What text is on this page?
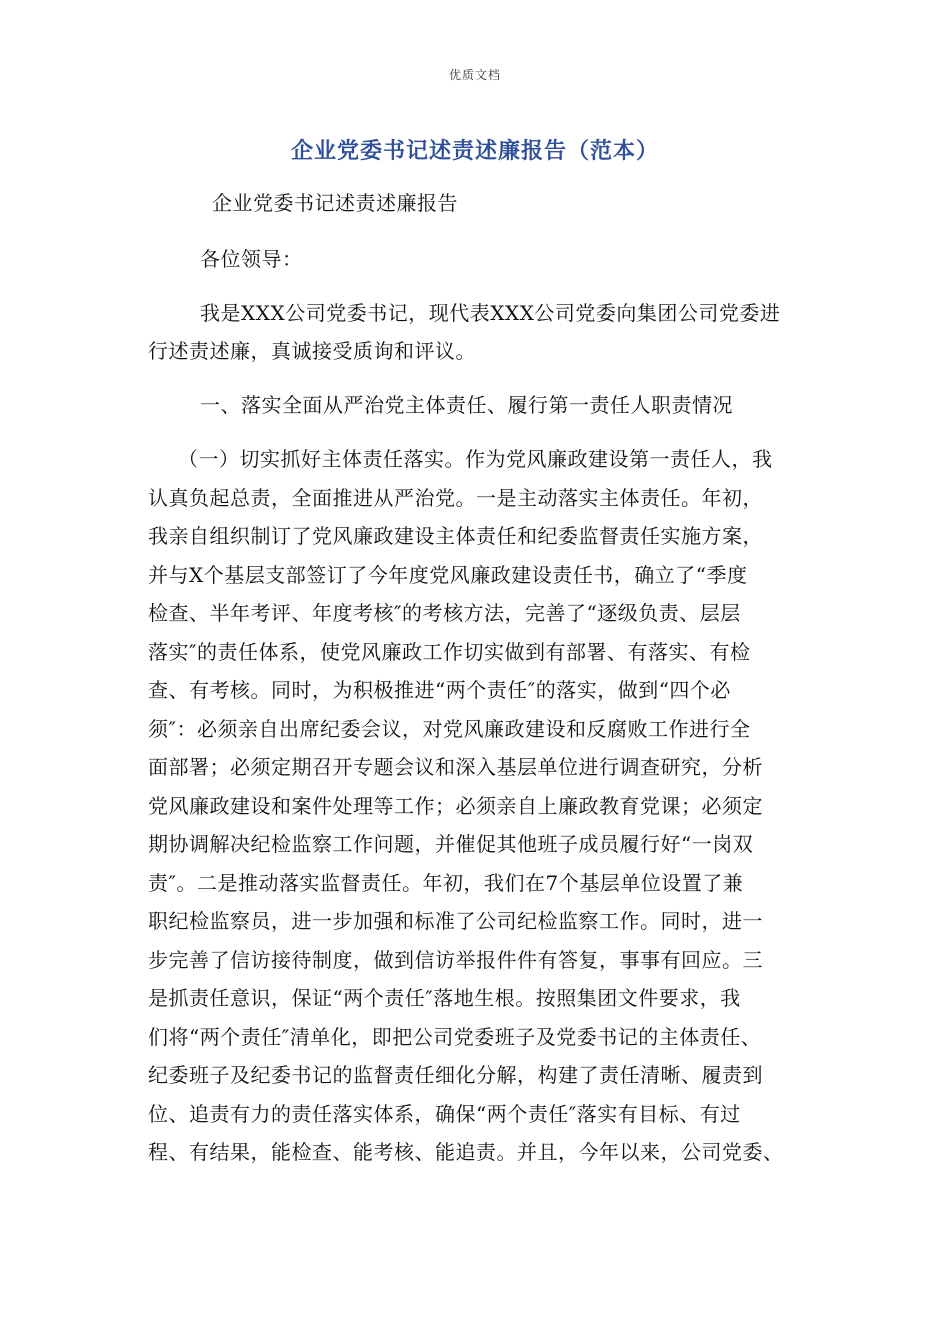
优质文档
企业党委书记述责述廉报告（范本）
企业党委书记述责述廉报告
各位领导：
我是XXX公司党委书记，现代表XXX公司党委向集团公司党委进
行述责述廉，真诚接受质询和评议。
一、落实全面从严治党主体责任、履行第一责任人职责情况
（一）切实抓好主体责任落实。作为党风廉政建设第一责任人，我
认真负起总责，全面推进从严治党。一是主动落实主体责任。年初，
我亲自组织制订了党风廉政建设主体责任和纪委监督责任实施方案，
并与X个基层支部签订了今年度党风廉政建设责任书，确立了“季度
检查、半年考评、年度考核″的考核方法，完善了“逐级负责、层层
落实″的责任体系，使党风廉政工作切实做到有部署、有落实、有检
查、有考核。同时，为积极推进“两个责任″的落实，做到“四个必
须″：必须亲自出席纪委会议，对党风廉政建设和反腐败工作进行全
面部署；必须定期召开专题会议和深入基层单位进行调查研究，分析
党风廉政建设和案件处理等工作；必须亲自上廉政教育党课；必须定
期协调解决纪检监察工作问题，并催促其他班子成员履行好“一岗双
责″。二是推动落实监督责任。年初，我们在7个基层单位设置了兼
职纪检监察员，进一步加强和标准了公司纪检监察工作。同时，进一
步完善了信访接待制度，做到信访举报件件有答复，事事有回应。三
是抓责任意识，保证“两个责任″落地生根。按照集团文件要求，我
们将“两个责任″清单化，即把公司党委班子及党委书记的主体责任、
纪委班子及纪委书记的监督责任细化分解，构建了责任清晰、履责到
位、追责有力的责任落实体系，确保“两个责任″落实有目标、有过
程、有结果，能检查、能考核、能追责。并且，今年以来，公司党委、
